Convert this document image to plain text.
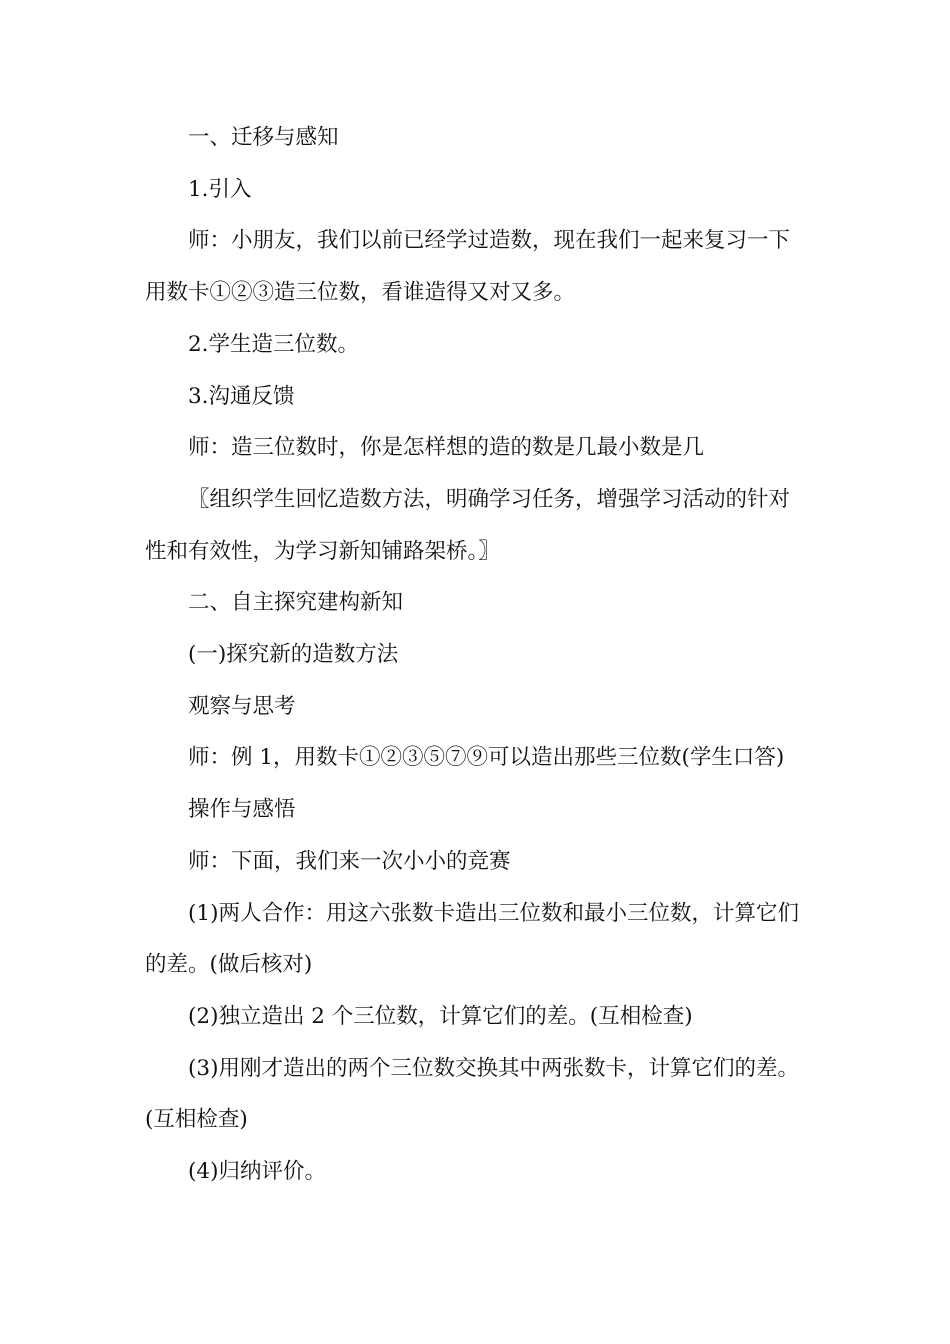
一、迁移与感知

1.引入

师：小朋友，我们以前已经学过造数，现在我们一起来复习一下用数卡①②③造三位数，看谁造得又对又多。

2.学生造三位数。

3.沟通反馈

师：造三位数时，你是怎样想的造的数是几最小数是几

〖组织学生回忆造数方法，明确学习任务，增强学习活动的针对性和有效性，为学习新知铺路架桥。〗

二、自主探究建构新知

(一)探究新的造数方法

观察与思考

师：例 1，用数卡①②③⑤⑦⑨可以造出那些三位数(学生口答)

操作与感悟

师：下面，我们来一次小小的竞赛

(1)两人合作：用这六张数卡造出三位数和最小三位数，计算它们的差。(做后核对)

(2)独立造出 2 个三位数，计算它们的差。(互相检查)

(3)用刚才造出的两个三位数交换其中两张数卡，计算它们的差。(互相检查)

(4)归纳评价。
